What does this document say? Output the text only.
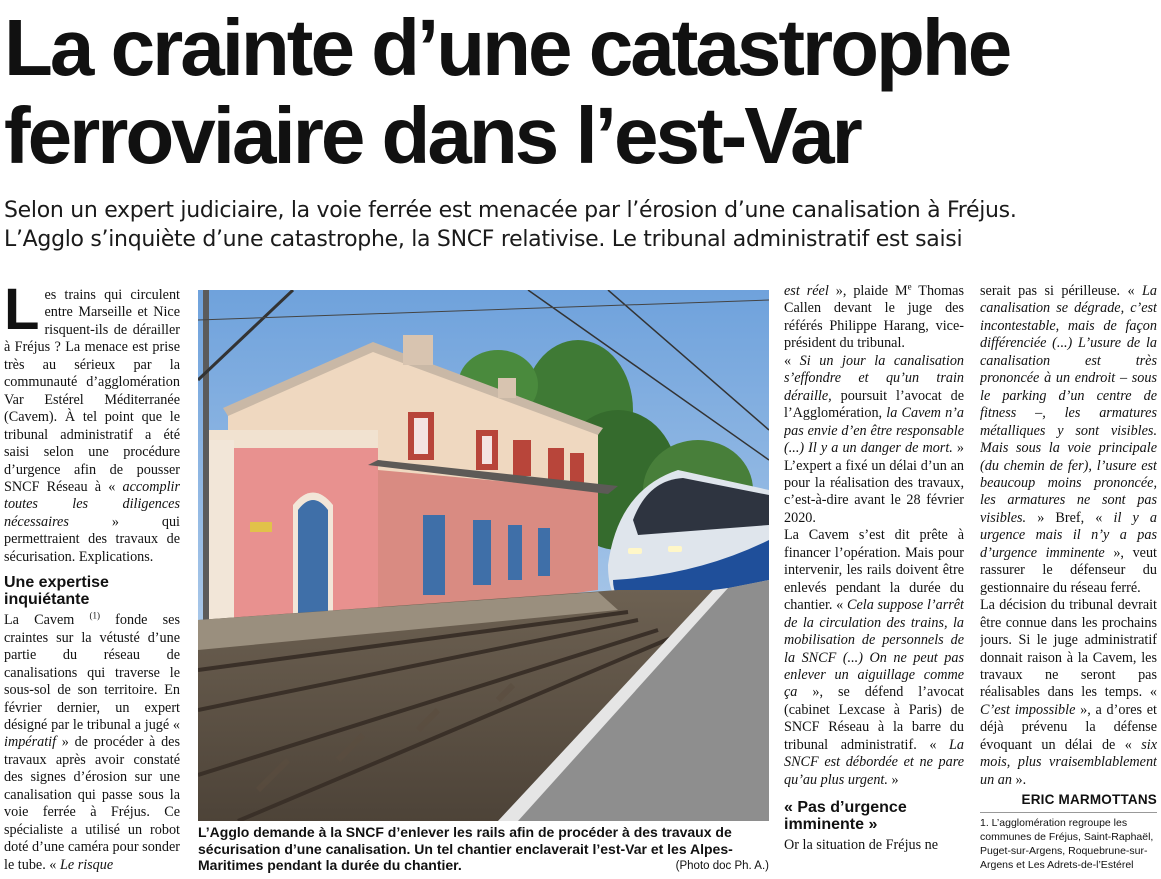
La crainte d’une catastrophe
ferroviaire dans l’est-Var
Selon un expert judiciaire, la voie ferrée est menacée par l’érosion d’une canalisation à Fréjus.
L’Agglo s’inquiète d’une catastrophe, la SNCF relativise. Le tribunal administratif est saisi

Les trains qui circulent entre Marseille et Nice risquent-ils de dérailler à Fréjus ? La menace est prise très au sérieux par la communauté d’agglomération Var Estérel Méditerranée (Cavem). À tel point que le tribunal administratif a été saisi selon une procédure d’urgence afin de pousser SNCF Réseau à « accomplir toutes les diligences nécessaires » qui permettraient des travaux de sécurisation. Explications.

Une expertise inquiétante

La Cavem $^{(1)}$ fonde ses craintes sur la vétusté d’une partie du réseau de canalisations qui traverse le sous-sol de son territoire. En février dernier, un expert désigné par le tribunal a jugé « impératif » de procéder à des travaux après avoir constaté des signes d’érosion sur une canalisation qui passe sous la voie ferrée à Fréjus. Ce spécialiste a utilisé un robot doté d’une caméra pour sonder le tube. « Le risque

L’Agglo demande à la SNCF d’enlever les rails afin de procéder à des travaux de sécurisation d’une canalisation. Un tel chantier enclaverait l’est-Var et les Alpes-Maritimes pendant la durée du chantier.	(Photo doc Ph. A.)

est réel », plaide Me Thomas Callen devant le juge des référés Philippe Harang, vice-président du tribunal.

« Si un jour la canalisation s’effondre et qu’un train déraille, poursuit l’avocat de l’Agglomération, la Cavem n’a pas envie d’en être responsable (...) Il y a un danger de mort. » L’expert a fixé un délai d’un an pour la réalisation des travaux, c’est-à-dire avant le 28 février 2020.

La Cavem s’est dit prête à financer l’opération. Mais pour intervenir, les rails doivent être enlevés pendant la durée du chantier. « Cela suppose l’arrêt de la circulation des trains, la mobilisation de personnels de la SNCF (...) On ne peut pas enlever un aiguillage comme ça », se défend l’avocat (cabinet Lexcase à Paris) de SNCF Réseau à la barre du tribunal administratif. « La SNCF est débordée et ne pare qu’au plus urgent. »

« Pas d’urgence imminente »

Or la situation de Fréjus ne

serait pas si périlleuse. « La canalisation se dégrade, c’est incontestable, mais de façon différenciée (...) L’usure de la canalisation est très prononcée à un endroit – sous le parking d’un centre de fitness –, les armatures métalliques y sont visibles. Mais sous la voie principale (du chemin de fer), l’usure est beaucoup moins prononcée, les armatures ne sont pas visibles. » Bref, « il y a urgence mais il n’y a pas d’urgence imminente », veut rassurer le défenseur du gestionnaire du réseau ferré.

La décision du tribunal devrait être connue dans les prochains jours. Si le juge administratif donnait raison à la Cavem, les travaux ne seront pas réalisables dans les temps. « C’est impossible », a d’ores et déjà prévenu la défense évoquant un délai de « six mois, plus vraisemblablement un an ».

ERIC MARMOTTANS
1. L’agglomération regroupe les communes de Fréjus, Saint-Raphaël, Puget-sur-Argens, Roquebrune-sur-Argens et Les Adrets-de-l’Estérel
